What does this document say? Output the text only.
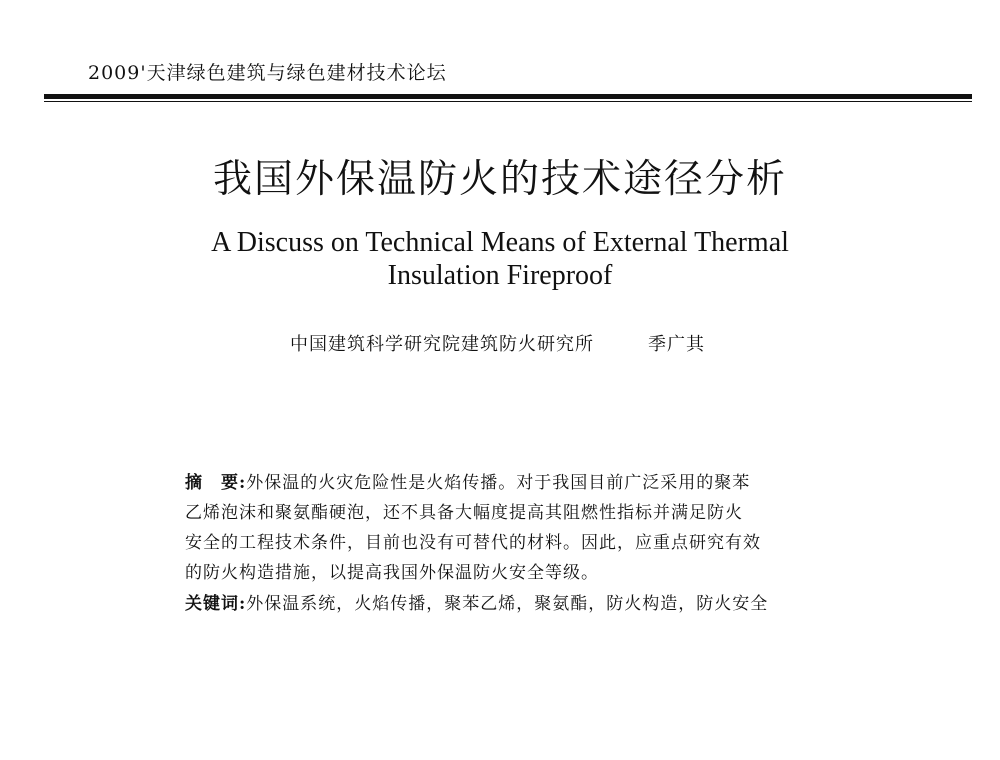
2009'天津绿色建筑与绿色建材技术论坛
我国外保温防火的技术途径分析
A Discuss on Technical Means of External Thermal
Insulation Fireproof
中国建筑科学研究院建筑防火研究所	季广其
摘　要:外保温的火灾危险性是火焰传播。对于我国目前广泛采用的聚苯
乙烯泡沫和聚氨酯硬泡，还不具备大幅度提高其阻燃性指标并满足防火
安全的工程技术条件，目前也没有可替代的材料。因此，应重点研究有效
的防火构造措施，以提高我国外保温防火安全等级。
关键词:外保温系统，火焰传播，聚苯乙烯，聚氨酯，防火构造，防火安全
